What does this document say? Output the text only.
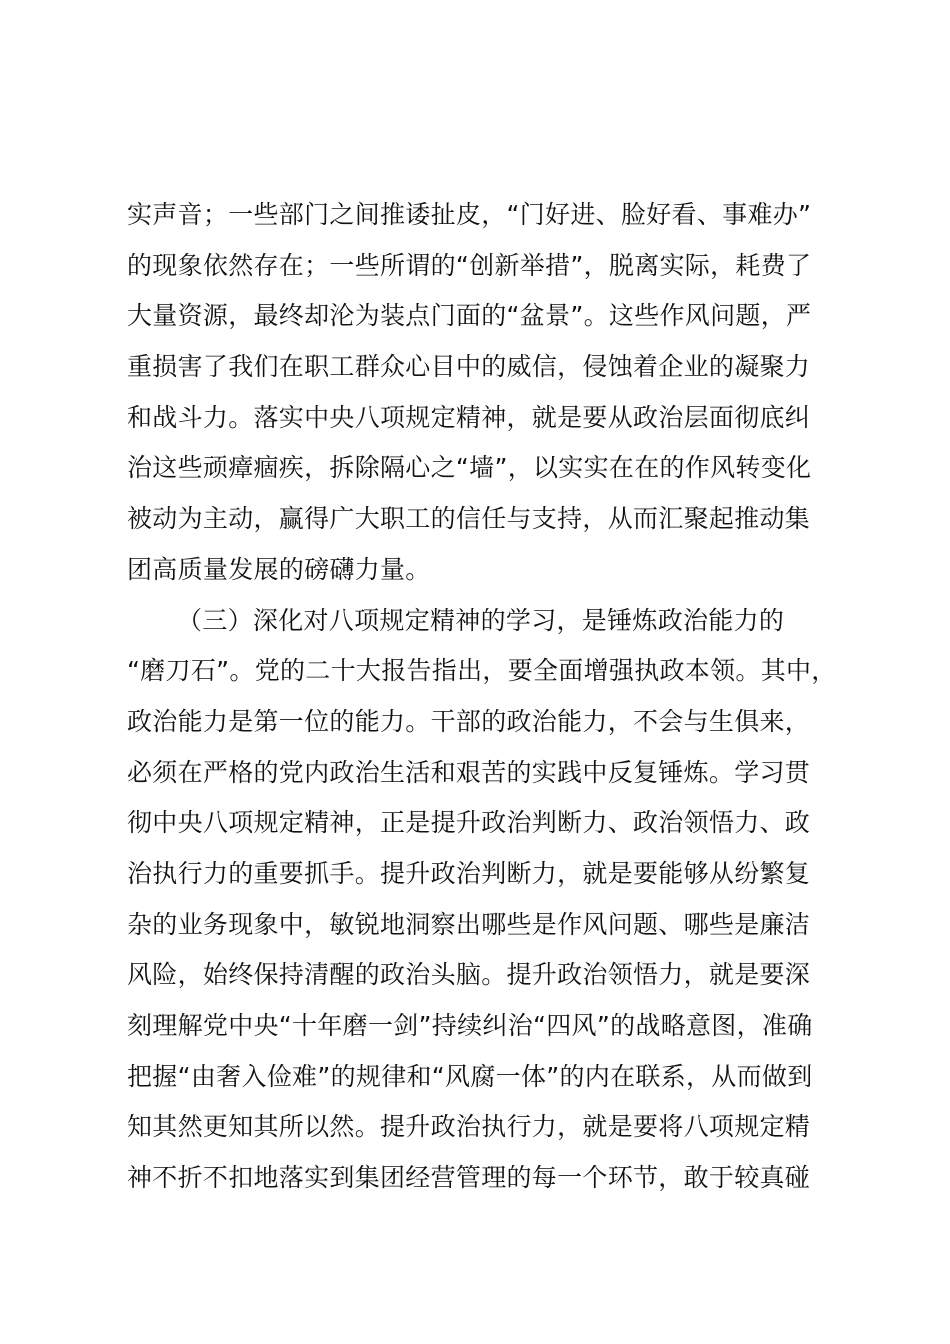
实声音；一些部门之间推诿扯皮，“门好进、脸好看、事难办”
的现象依然存在；一些所谓的“创新举措”，脱离实际，耗费了
大量资源，最终却沦为装点门面的“盆景”。这些作风问题，严
重损害了我们在职工群众心目中的威信，侵蚀着企业的凝聚力
和战斗力。落实中央八项规定精神，就是要从政治层面彻底纠
治这些顽瘴痼疾，拆除隔心之“墙”，以实实在在的作风转变化
被动为主动，赢得广大职工的信任与支持，从而汇聚起推动集
团高质量发展的磅礴力量。
（三）深化对八项规定精神的学习，是锤炼政治能力的
“磨刀石”。党的二十大报告指出，要全面增强执政本领。其中，
政治能力是第一位的能力。干部的政治能力，不会与生俱来，
必须在严格的党内政治生活和艰苦的实践中反复锤炼。学习贯
彻中央八项规定精神，正是提升政治判断力、政治领悟力、政
治执行力的重要抓手。提升政治判断力，就是要能够从纷繁复
杂的业务现象中，敏锐地洞察出哪些是作风问题、哪些是廉洁
风险，始终保持清醒的政治头脑。提升政治领悟力，就是要深
刻理解党中央“十年磨一剑”持续纠治“四风”的战略意图，准确
把握“由奢入俭难”的规律和“风腐一体”的内在联系，从而做到
知其然更知其所以然。提升政治执行力，就是要将八项规定精
神不折不扣地落实到集团经营管理的每一个环节，敢于较真碰
